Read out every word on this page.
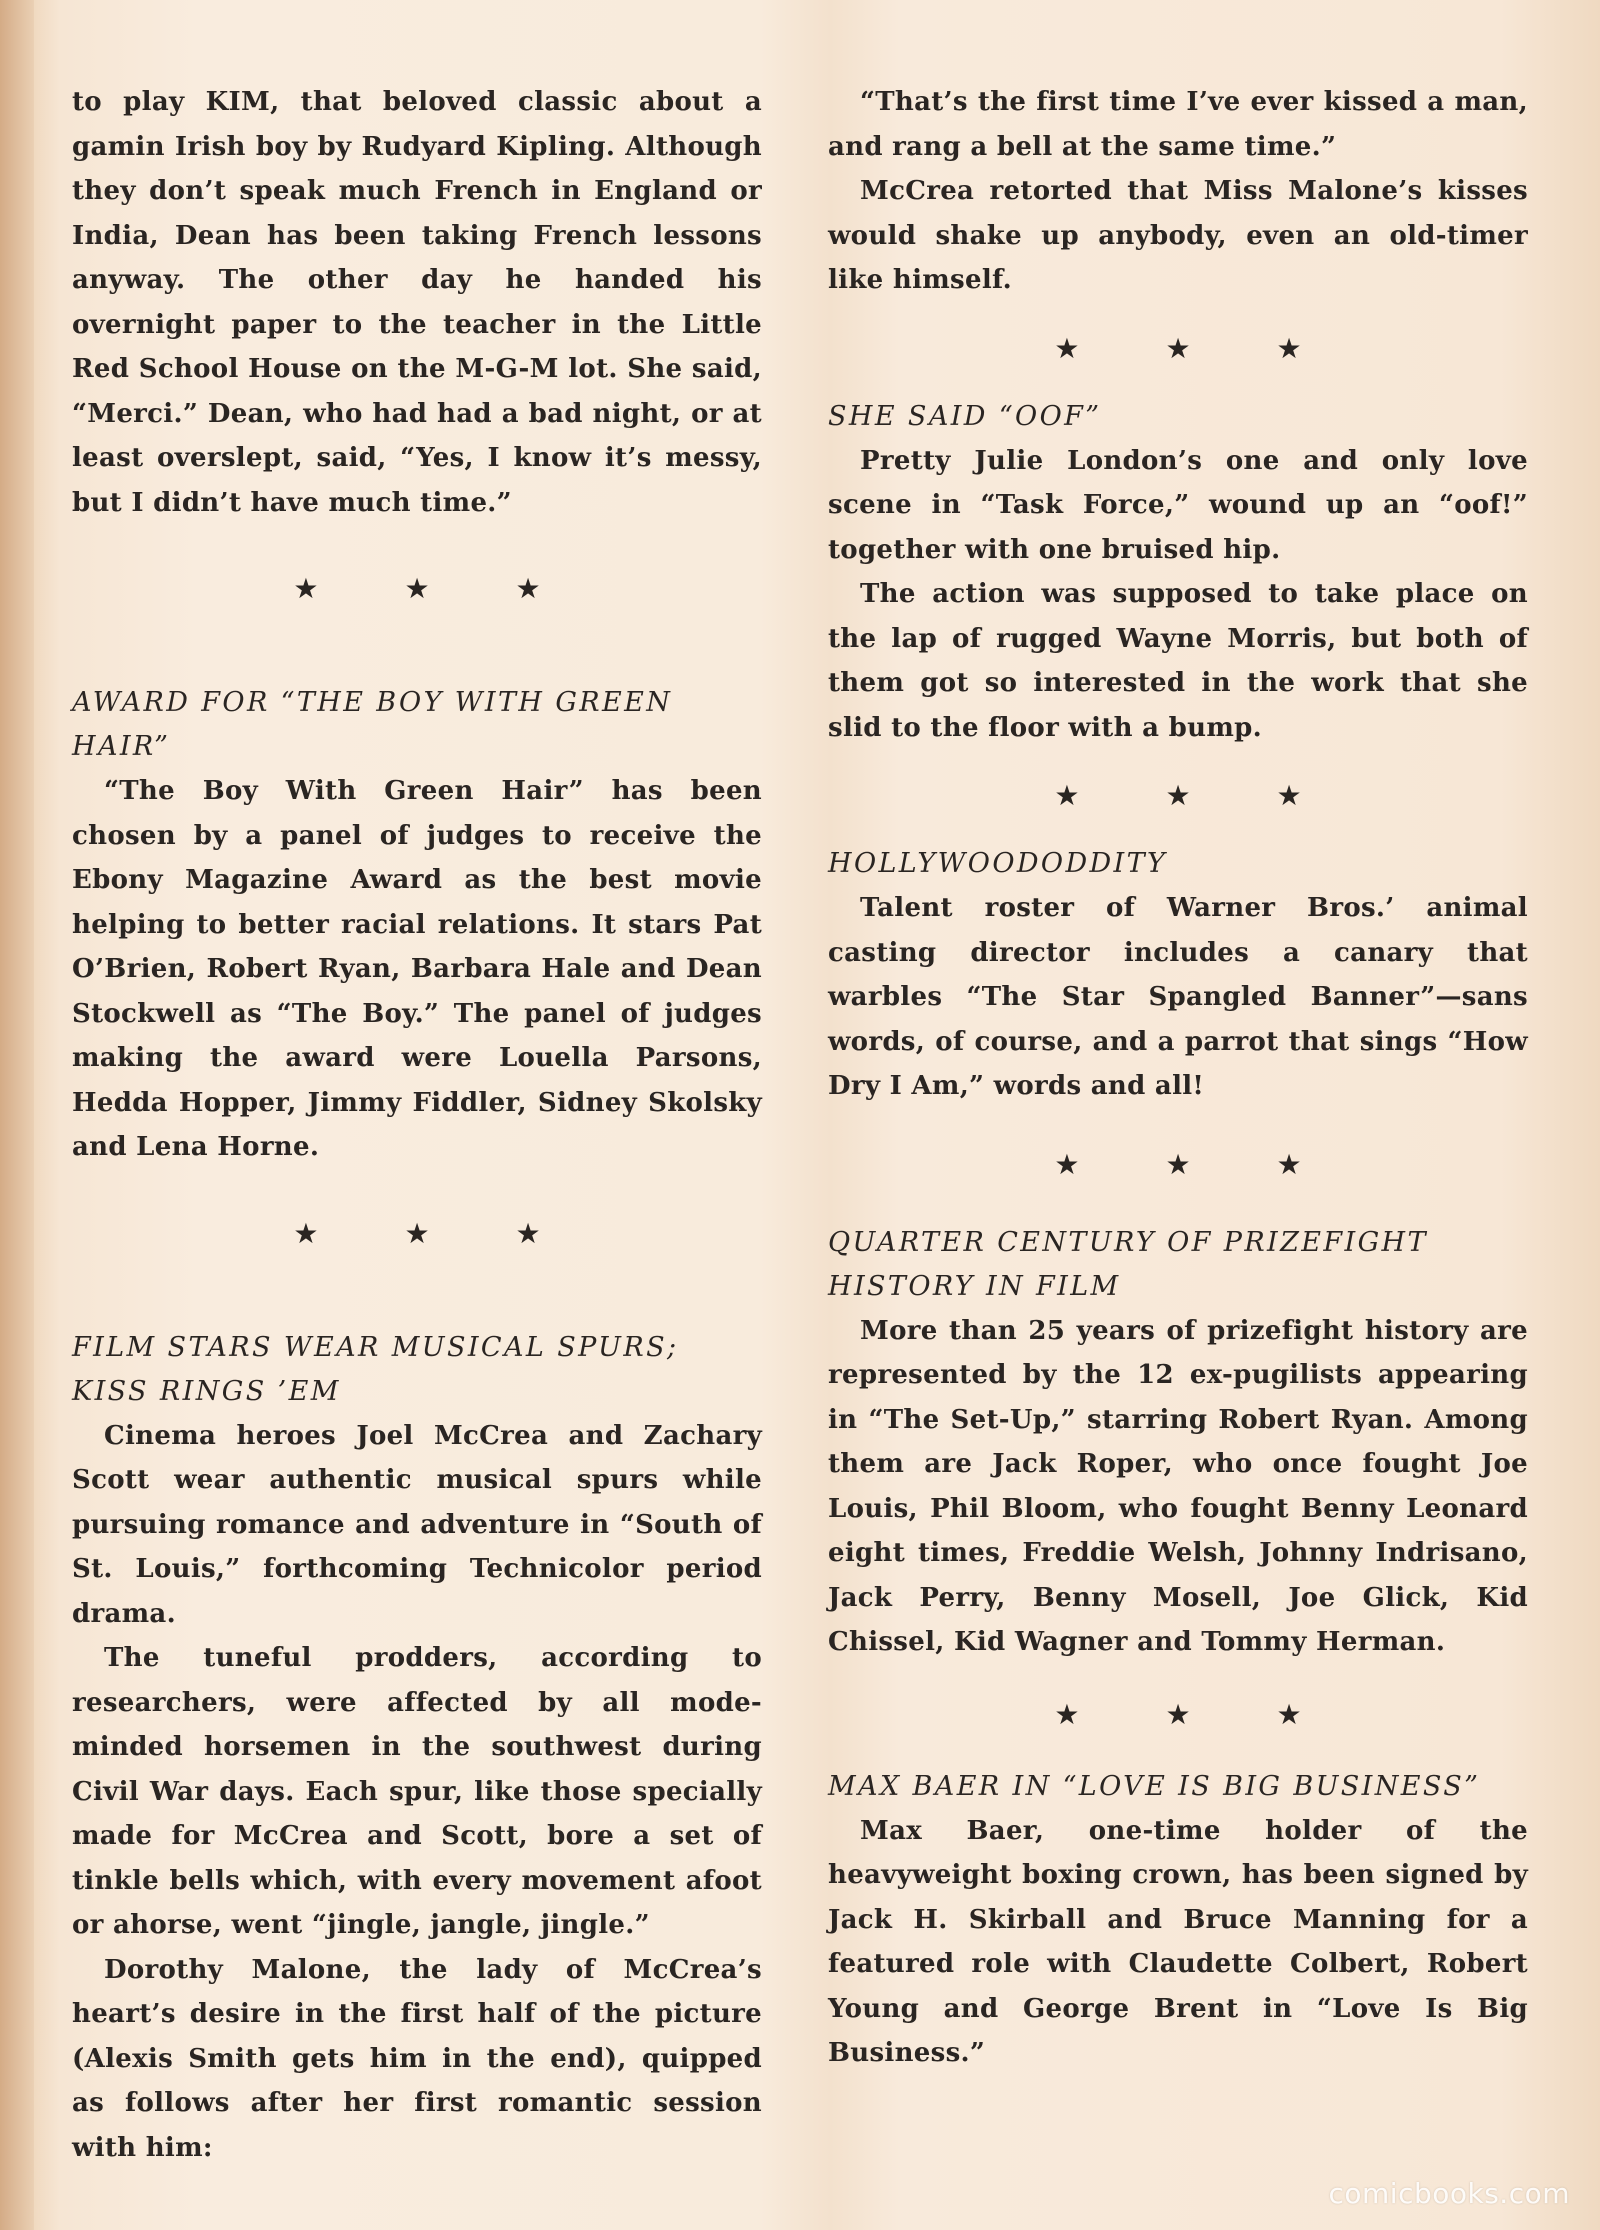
to play KIM, that beloved classic about a gamin Irish boy by Rudyard Kipling. Although they don’t speak much French in England or India, Dean has been taking French lessons anyway. The other day he handed his overnight paper to the teacher in the Little Red School House on the M-G-M lot. She said, “Merci.” Dean, who had had a bad night, or at least overslept, said, “Yes, I know it’s messy, but I didn’t have much time.”

★	★	★
AWARD FOR “THE BOY WITH GREEN HAIR”

“The Boy With Green Hair” has been chosen by a panel of judges to receive the Ebony Magazine Award as the best movie helping to better racial relations. It stars Pat O’Brien, Robert Ryan, Barbara Hale and Dean Stockwell as “The Boy.” The panel of judges making the award were Louella Parsons, Hedda Hopper, Jimmy Fiddler, Sidney Skolsky and Lena Horne.

★	★	★
FILM STARS WEAR MUSICAL SPURS; KISS RINGS ’EM

Cinema heroes Joel McCrea and Zachary Scott wear authentic musical spurs while pursuing romance and adventure in “South of St. Louis,” forthcoming Technicolor period drama.

The tuneful prodders, according to researchers, were affected by all mode-minded horsemen in the southwest during Civil War days. Each spur, like those specially made for McCrea and Scott, bore a set of tinkle bells which, with every movement afoot or ahorse, went “jingle, jangle, jingle.”

Dorothy Malone, the lady of McCrea’s heart’s desire in the first half of the picture (Alexis Smith gets him in the end), quipped as follows after her first romantic session with him:

“That’s the first time I’ve ever kissed a man, and rang a bell at the same time.”

McCrea retorted that Miss Malone’s kisses would shake up anybody, even an old-timer like himself.

★	★	★
SHE SAID “OOF”

Pretty Julie London’s one and only love scene in “Task Force,” wound up an “oof!” together with one bruised hip.

The action was supposed to take place on the lap of rugged Wayne Morris, but both of them got so interested in the work that she slid to the floor with a bump.

★	★	★
HOLLYWOODODDITY

Talent roster of Warner Bros.’ animal casting director includes a canary that warbles “The Star Spangled Banner”—sans words, of course, and a parrot that sings “How Dry I Am,” words and all!

★	★	★
QUARTER CENTURY OF PRIZEFIGHT HISTORY IN FILM

More than 25 years of prizefight history are represented by the 12 ex-pugilists appearing in “The Set-Up,” starring Robert Ryan. Among them are Jack Roper, who once fought Joe Louis, Phil Bloom, who fought Benny Leonard eight times, Freddie Welsh, Johnny Indrisano, Jack Perry, Benny Mosell, Joe Glick, Kid Chissel, Kid Wagner and Tommy Herman.

★	★	★
MAX BAER IN “LOVE IS BIG BUSINESS”

Max Baer, one-time holder of the heavyweight boxing crown, has been signed by Jack H. Skirball and Bruce Manning for a featured role with Claudette Colbert, Robert Young and George Brent in “Love Is Big Business.”

comicbooks.com
